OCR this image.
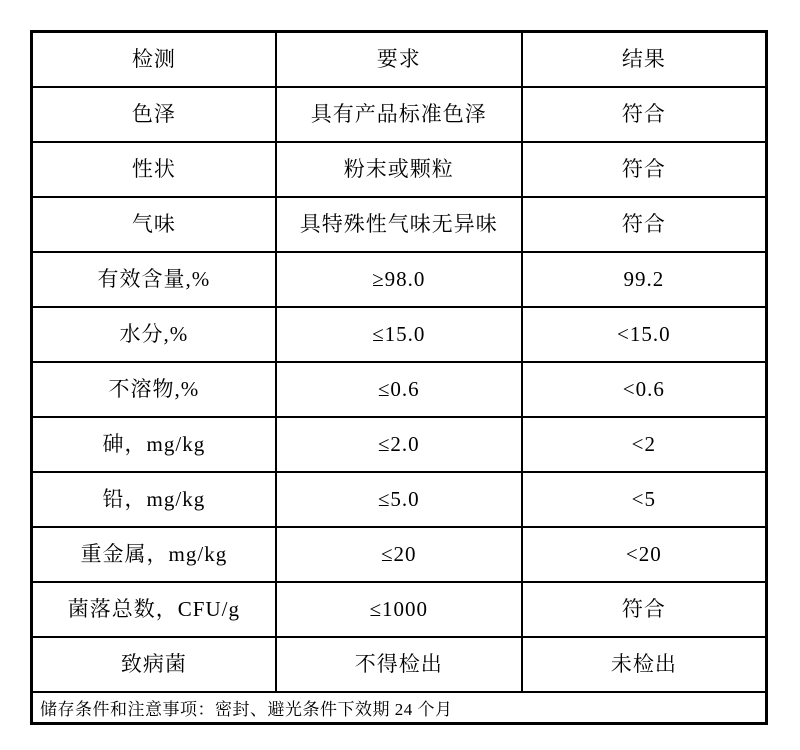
检测	要求	结果
色泽	具有产品标准色泽	符合
性状	粉末或颗粒	符合
气味	具特殊性气味无异味	符合
有效含量,%	≥98.0	99.2
水分,%	≤15.0	<15.0
不溶物,%	≤0.6	<0.6
砷，mg/kg	≤2.0	<2
铅，mg/kg	≤5.0	<5
重金属，mg/kg	≤20	<20
菌落总数，CFU/g	≤1000	符合
致病菌	不得检出	未检出
储存条件和注意事项：密封、避光条件下效期 24 个月
